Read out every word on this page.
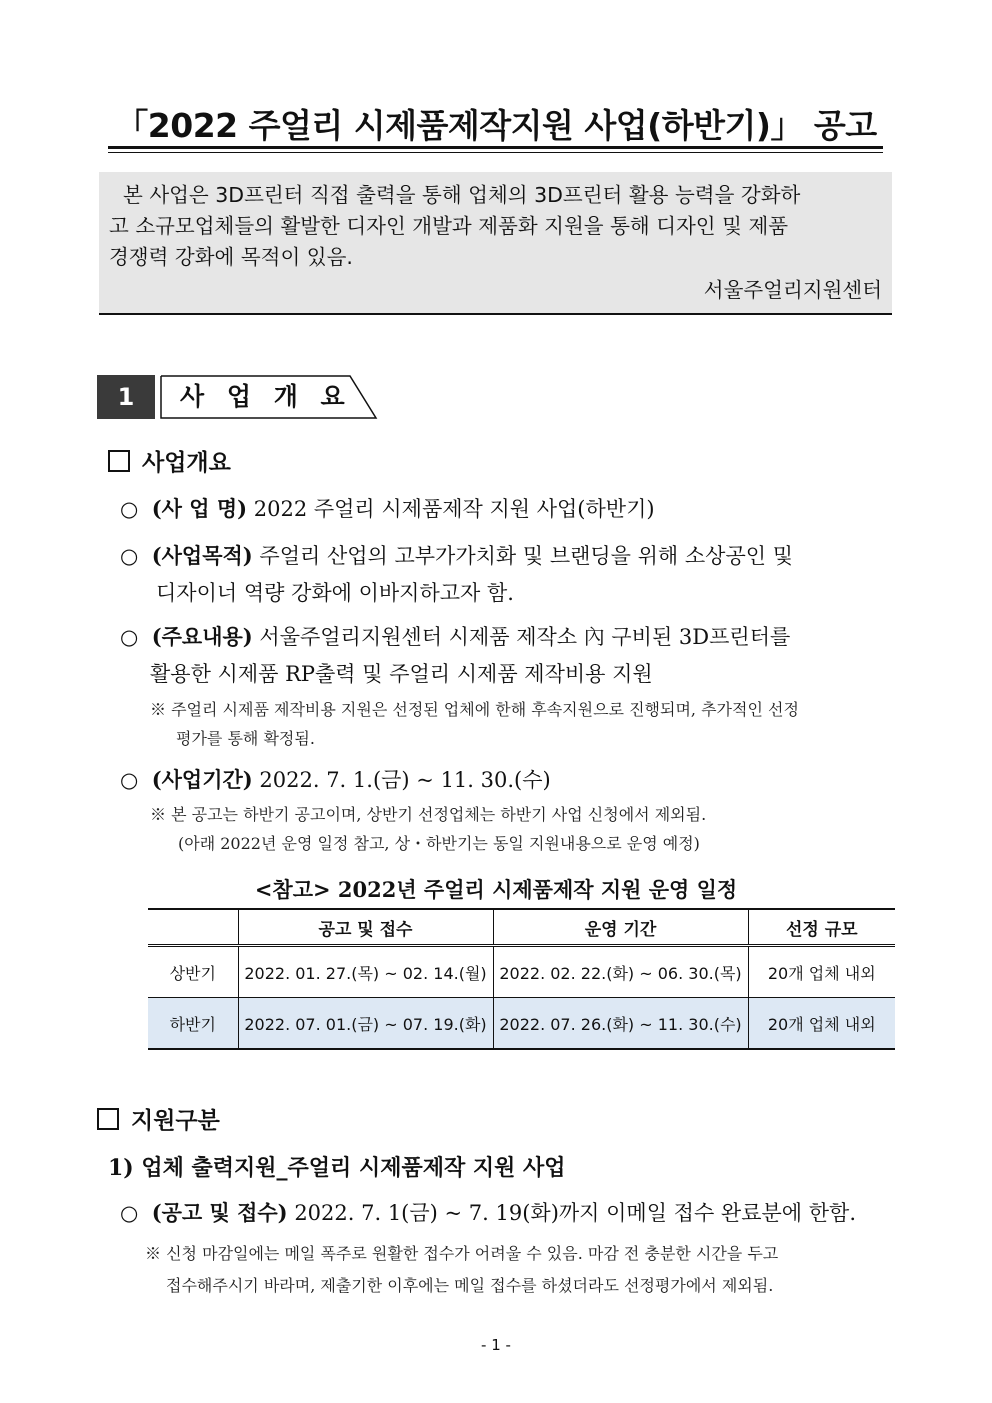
「2022 주얼리 시제품제작지원 사업(하반기)」 공고
본 사업은 3D프린터 직접 출력을 통해 업체의 3D프린터 활용 능력을 강화하
고 소규모업체들의 활발한 디자인 개발과 제품화 지원을 통해 디자인 및 제품
경쟁력 강화에 목적이 있음.
서울주얼리지원센터
1	사 업 개 요
사업개요
○ (사 업 명) 2022 주얼리 시제품제작 지원 사업(하반기)
○ (사업목적) 주얼리 산업의 고부가가치화 및 브랜딩을 위해 소상공인 및
디자이너 역량 강화에 이바지하고자 함.
○ (주요내용) 서울주얼리지원센터 시제품 제작소 內 구비된 3D프린터를
활용한 시제품 RP출력 및 주얼리 시제품 제작비용 지원
※ 주얼리 시제품 제작비용 지원은 선정된 업체에 한해 후속지원으로 진행되며, 추가적인 선정
평가를 통해 확정됨.
○ (사업기간) 2022. 7. 1.(금) ~ 11. 30.(수)
※ 본 공고는 하반기 공고이며, 상반기 선정업체는 하반기 사업 신청에서 제외됨.
(아래 2022년 운영 일정 참고, 상・하반기는 동일 지원내용으로 운영 예정)
<참고> 2022년 주얼리 시제품제작 지원 운영 일정
	공고 및 접수	운영 기간	선정 규모
상반기	2022. 01. 27.(목) ~ 02. 14.(월)	2022. 02. 22.(화) ~ 06. 30.(목)	20개 업체 내외
하반기	2022. 07. 01.(금) ~ 07. 19.(화)	2022. 07. 26.(화) ~ 11. 30.(수)	20개 업체 내외
지원구분
1) 업체 출력지원_주얼리 시제품제작 지원 사업
○ (공고 및 접수) 2022. 7. 1(금) ~ 7. 19(화)까지 이메일 접수 완료분에 한함.
※ 신청 마감일에는 메일 폭주로 원활한 접수가 어려울 수 있음. 마감 전 충분한 시간을 두고
접수해주시기 바라며, 제출기한 이후에는 메일 접수를 하셨더라도 선정평가에서 제외됨.
- 1 -
